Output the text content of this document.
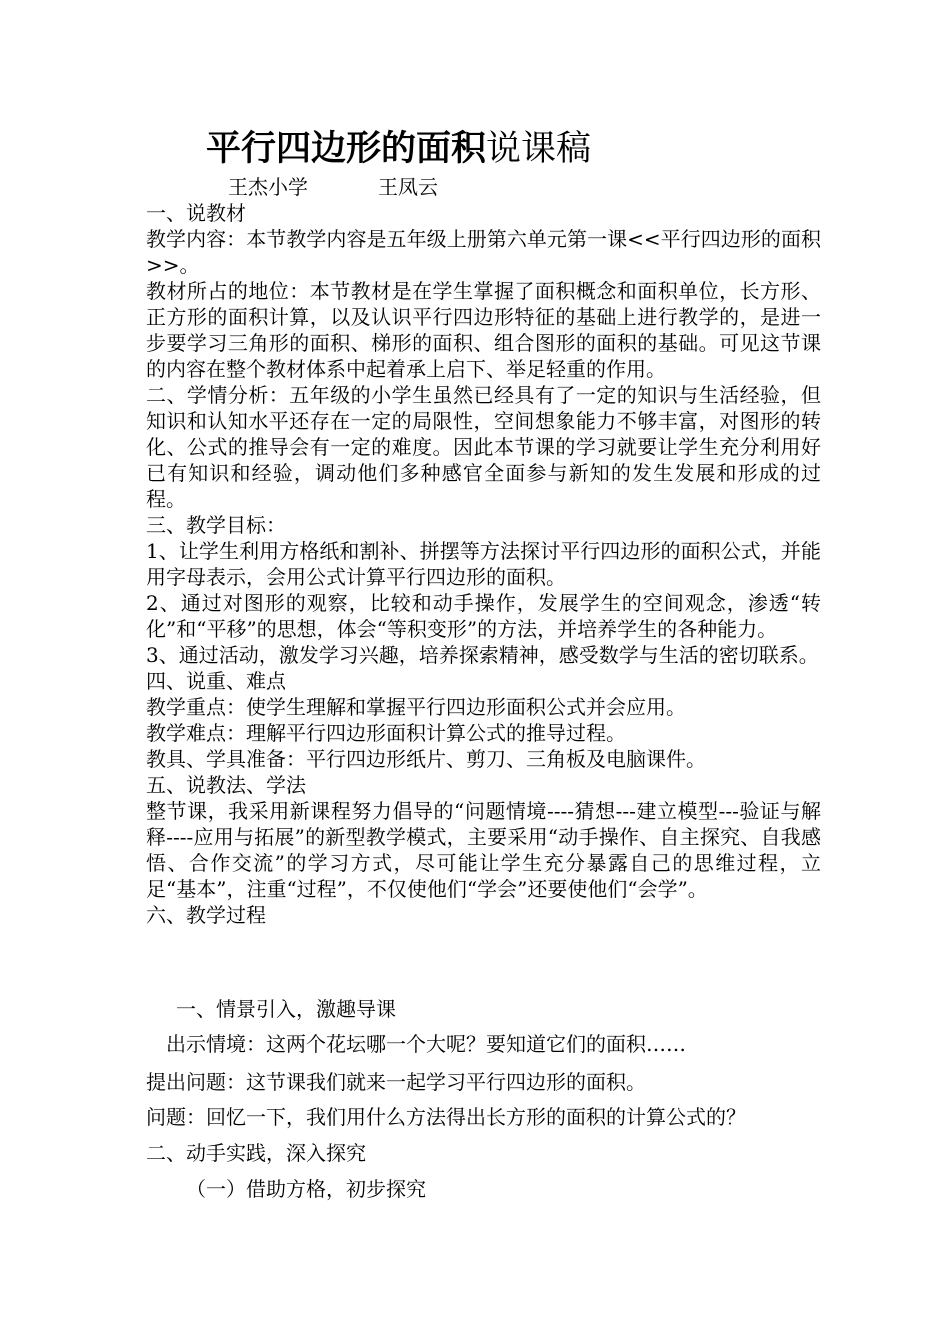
平行四边形的面积说课稿
王杰小学	王凤云

一、说教材

教学内容：本节教学内容是五年级上册第六单元第一课<<平行四边形的面积>>。

教材所占的地位：本节教材是在学生掌握了面积概念和面积单位，长方形、正方形的面积计算，以及认识平行四边形特征的基础上进行教学的，是进一步要学习三角形的面积、梯形的面积、组合图形的面积的基础。可见这节课的内容在整个教材体系中起着承上启下、举足轻重的作用。

二、学情分析：五年级的小学生虽然已经具有了一定的知识与生活经验，但知识和认知水平还存在一定的局限性，空间想象能力不够丰富，对图形的转化、公式的推导会有一定的难度。因此本节课的学习就要让学生充分利用好已有知识和经验，调动他们多种感官全面参与新知的发生发展和形成的过程。

三、教学目标：

1、让学生利用方格纸和割补、拼摆等方法探讨平行四边形的面积公式，并能用字母表示，会用公式计算平行四边形的面积。

2、通过对图形的观察，比较和动手操作，发展学生的空间观念，渗透“转化”和“平移”的思想，体会“等积变形”的方法，并培养学生的各种能力。

3、通过活动，激发学习兴趣，培养探索精神，感受数学与生活的密切联系。

四、说重、难点

教学重点：使学生理解和掌握平行四边形面积公式并会应用。

教学难点：理解平行四边形面积计算公式的推导过程。

教具、学具准备：平行四边形纸片、剪刀、三角板及电脑课件。

五、说教法、学法

整节课，我采用新课程努力倡导的“问题情境----猜想---建立模型---验证与解释----应用与拓展”的新型教学模式，主要采用“动手操作、自主探究、自我感悟、合作交流”的学习方式，尽可能让学生充分暴露自己的思维过程，立足“基本”，注重“过程”，不仅使他们“学会”还要使他们“会学”。

六、教学过程

一、情景引入，激趣导课
出示情境：这两个花坛哪一个大呢？要知道它们的面积……
提出问题：这节课我们就来一起学习平行四边形的面积。
问题：回忆一下，我们用什么方法得出长方形的面积的计算公式的？
二、动手实践，深入探究
（一）借助方格，初步探究
